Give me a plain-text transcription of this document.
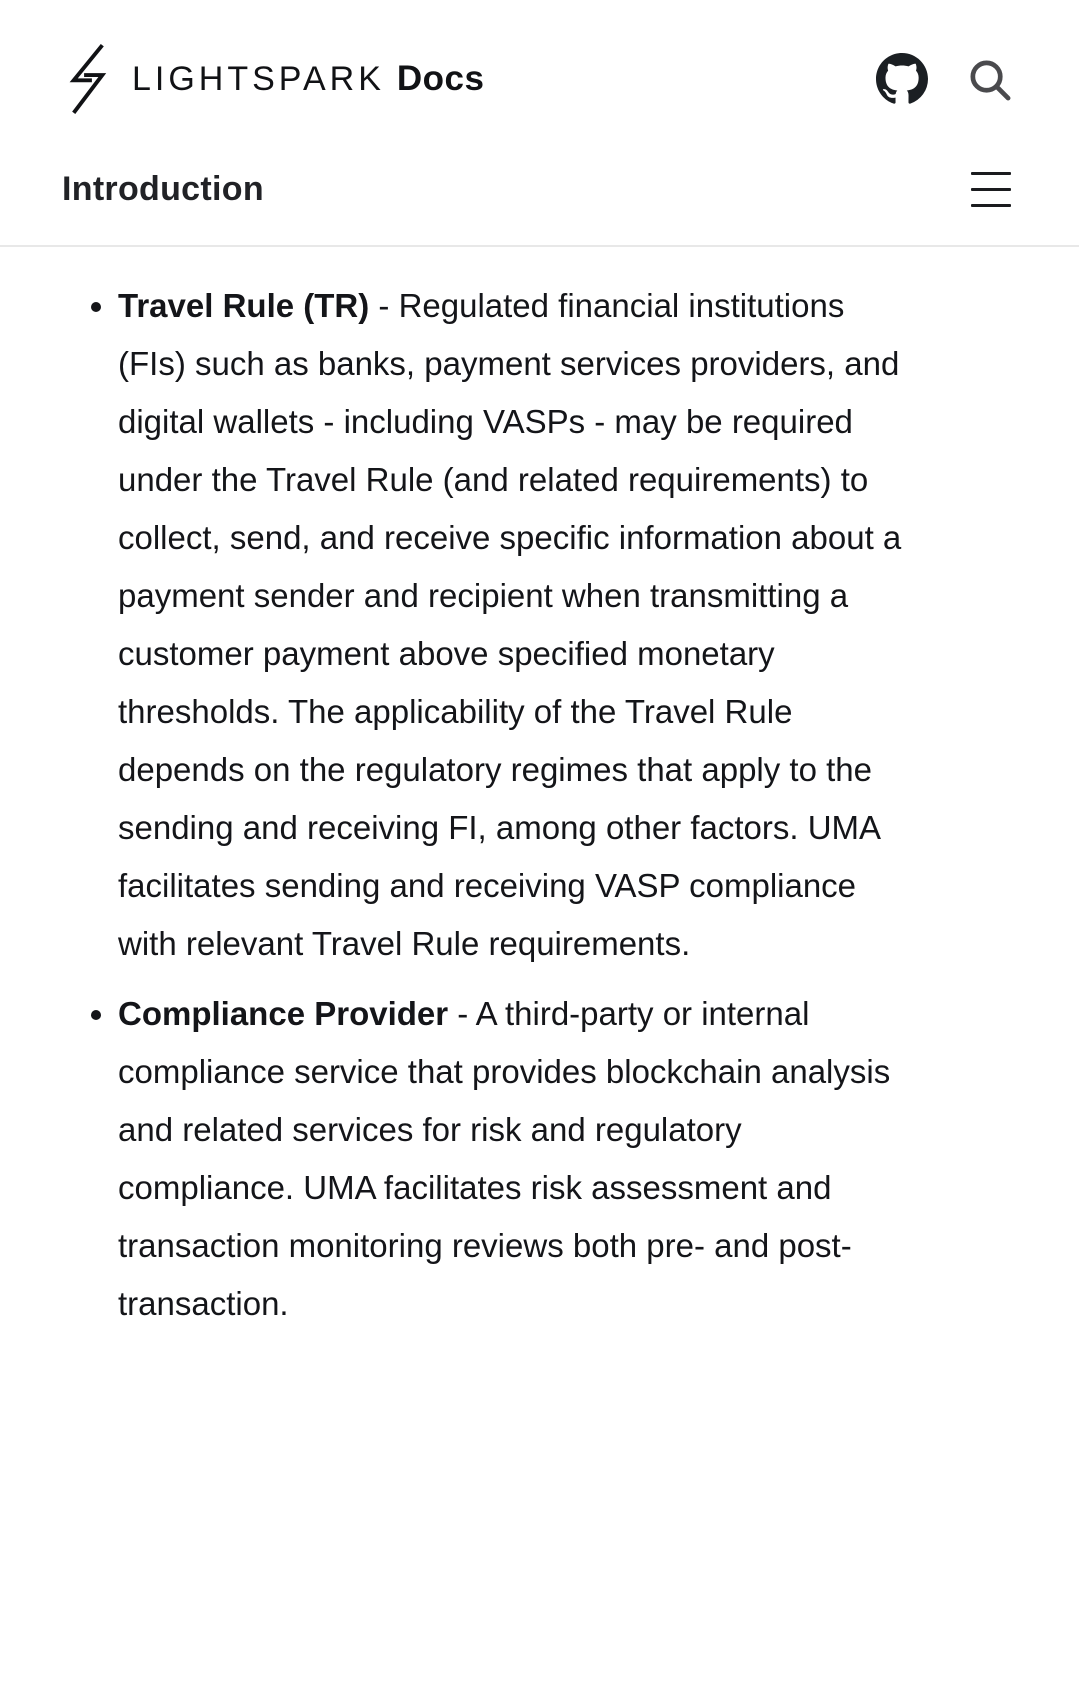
LIGHTSPARK Docs
Introduction
• Travel Rule (TR) - Regulated financial institutions (FIs) such as banks, payment services providers, and digital wallets - including VASPs - may be required under the Travel Rule (and related requirements) to collect, send, and receive specific information about a payment sender and recipient when transmitting a customer payment above specified monetary thresholds. The applicability of the Travel Rule depends on the regulatory regimes that apply to the sending and receiving FI, among other factors. UMA facilitates sending and receiving VASP compliance with relevant Travel Rule requirements.
• Compliance Provider - A third-party or internal compliance service that provides blockchain analysis and related services for risk and regulatory compliance. UMA facilitates risk assessment and transaction monitoring reviews both pre- and post-transaction.
